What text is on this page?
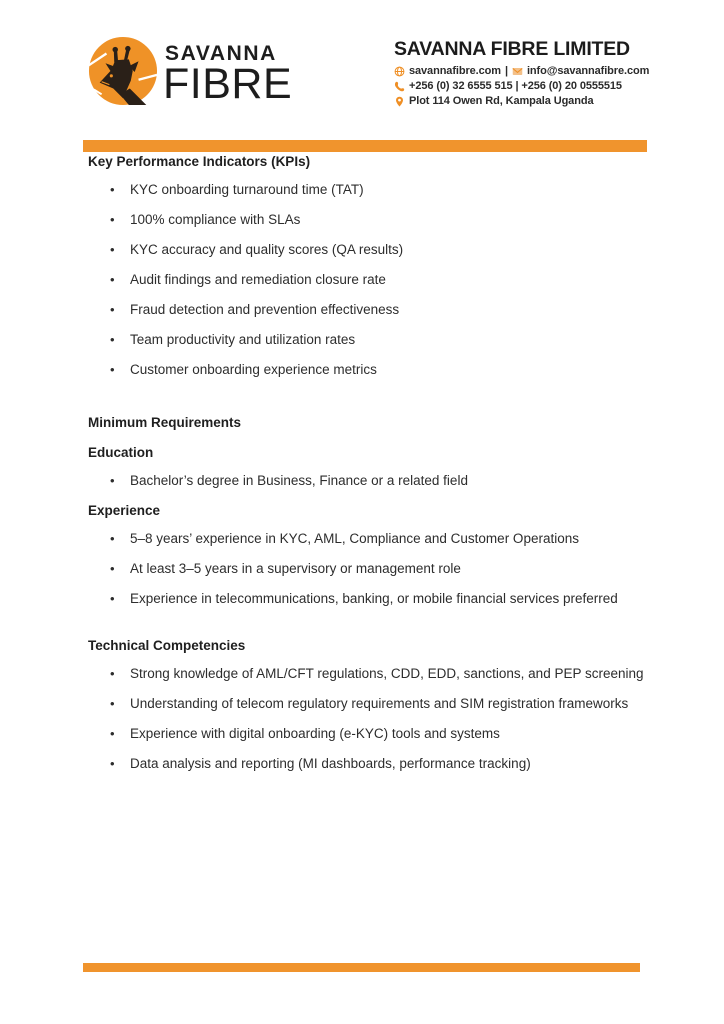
SAVANNA
FIBRE
SAVANNA FIBRE LIMITED
savannafibre.com | info@savannafibre.com
+256 (0) 32 6555 515 | +256 (0) 20 0555515
Plot 114 Owen Rd, Kampala Uganda
Key Performance Indicators (KPIs)
• KYC onboarding turnaround time (TAT)
• 100% compliance with SLAs
• KYC accuracy and quality scores (QA results)
• Audit findings and remediation closure rate
• Fraud detection and prevention effectiveness
• Team productivity and utilization rates
• Customer onboarding experience metrics
Minimum Requirements
Education
• Bachelor’s degree in Business, Finance or a related field
Experience
• 5–8 years’ experience in KYC, AML, Compliance and Customer Operations
• At least 3–5 years in a supervisory or management role
• Experience in telecommunications, banking, or mobile financial services preferred
Technical Competencies
• Strong knowledge of AML/CFT regulations, CDD, EDD, sanctions, and PEP screening
• Understanding of telecom regulatory requirements and SIM registration frameworks
• Experience with digital onboarding (e-KYC) tools and systems
• Data analysis and reporting (MI dashboards, performance tracking)
